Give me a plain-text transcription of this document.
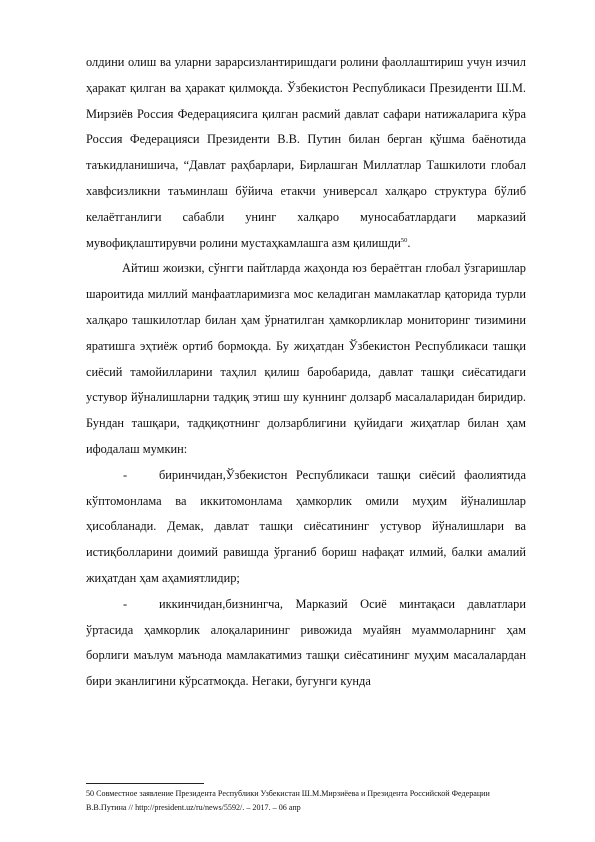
олдини олиш ва уларни зарарсизлантиришдаги ролини фаоллаштириш учун изчил ҳаракат қилган ва ҳаракат қилмоқда. Ўзбекистон Республикаси Президенти Ш.М. Мирзиёв Россия Федерациясига қилган расмий давлат сафари натижаларига кўра Россия Федерацияси Президенти В.В. Путин билан берган қўшма баёнотида таъкидланишича, “Давлат раҳбарлари, Бирлашган Миллатлар Ташкилоти глобал хавфсизликни таъминлаш бўйича етакчи универсал халқаро структура бўлиб келаётганлиги сабабли унинг халқаро муносабатлардаги марказий мувофиқлаштирувчи ролини мустаҳкамлашга азм қилишди$^{50}$.

Айтиш жоизки, сўнгги пайтларда жаҳонда юз бераётган глобал ўзгаришлар шароитида миллий манфаатларимизга мос келадиган мамлакатлар қаторида турли халқаро ташкилотлар билан ҳам ўрнатилган ҳамкорликлар мониторинг тизимини яратишга эҳтиёж ортиб бормоқда. Бу жиҳатдан Ўзбекистон Республикаси ташқи сиёсий тамойилларини таҳлил қилиш баробарида, давлат ташқи сиёсатидаги устувор йўналишларни тадқиқ этиш шу куннинг долзарб масалаларидан биридир. Бундан ташқари, тадқиқотнинг долзарблигини қуйидаги жиҳатлар билан ҳам ифодалаш мумкин:

-	биринчидан,Ўзбекистон Республикаси ташқи сиёсий фаолиятида

кўптомонлама ва иккитомонлама ҳамкорлик омили муҳим йўналишлар ҳисобланади. Демак, давлат ташқи сиёсатининг устувор йўналишлари ва истиқболларини доимий равишда ўрганиб бориш нафақат илмий, балки амалий жиҳатдан ҳам аҳамиятлидир;

-	иккинчидан,бизнингча, Марказий Осиё минтақаси давлатлари

ўртасида ҳамкорлик алоқаларининг ривожида муайян муаммоларнинг ҳам борлиги маълум маънода мамлакатимиз ташқи сиёсатининг муҳим масалалардан бири эканлигини кўрсатмоқда. Негаки, бугунги кунда

50 Совместное заявление Президента Республики Узбекистан Ш.М.Мирзиёева и Президента Российской Федерации В.В.Путина // http://president.uz/ru/news/5592/. – 2017. – 06 апр
